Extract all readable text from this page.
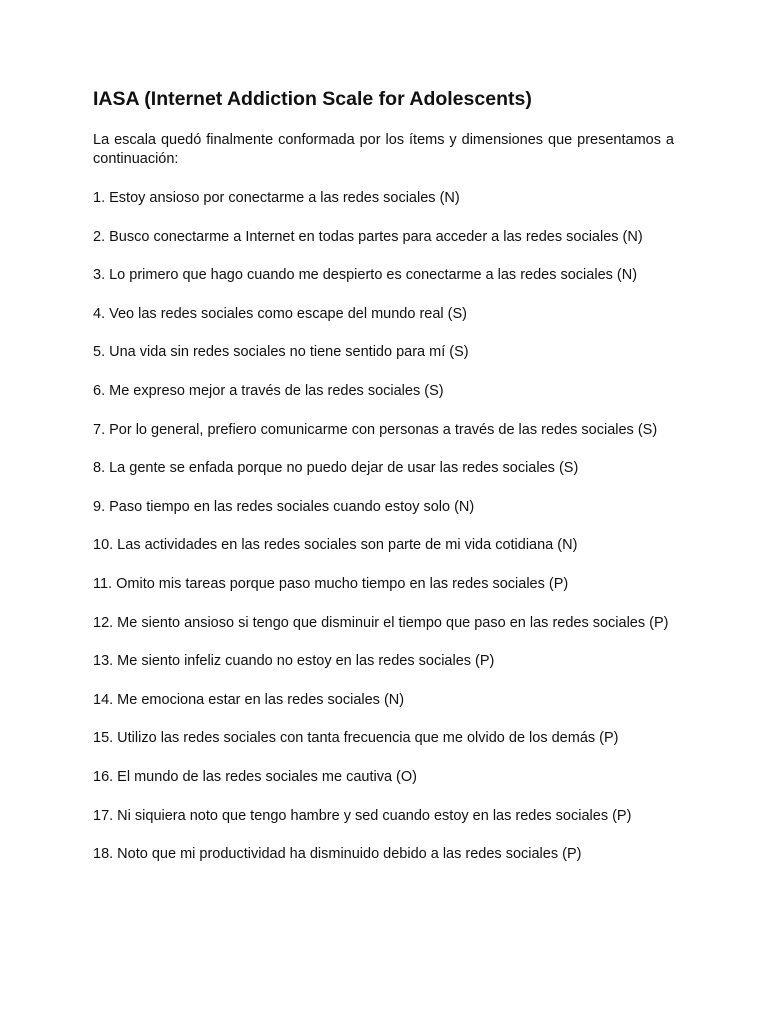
IASA (Internet Addiction Scale for Adolescents)

La escala quedó finalmente conformada por los ítems y dimensiones que presentamos a continuación:

1. Estoy ansioso por conectarme a las redes sociales (N)
2. Busco conectarme a Internet en todas partes para acceder a las redes sociales (N)
3. Lo primero que hago cuando me despierto es conectarme a las redes sociales (N)
4. Veo las redes sociales como escape del mundo real (S)
5. Una vida sin redes sociales no tiene sentido para mí (S)
6. Me expreso mejor a través de las redes sociales (S)
7. Por lo general, prefiero comunicarme con personas a través de las redes sociales (S)
8. La gente se enfada porque no puedo dejar de usar las redes sociales (S)
9. Paso tiempo en las redes sociales cuando estoy solo (N)
10. Las actividades en las redes sociales son parte de mi vida cotidiana (N)
11. Omito mis tareas porque paso mucho tiempo en las redes sociales (P)
12. Me siento ansioso si tengo que disminuir el tiempo que paso en las redes sociales (P)
13. Me siento infeliz cuando no estoy en las redes sociales (P)
14. Me emociona estar en las redes sociales (N)
15. Utilizo las redes sociales con tanta frecuencia que me olvido de los demás (P)
16. El mundo de las redes sociales me cautiva (O)
17. Ni siquiera noto que tengo hambre y sed cuando estoy en las redes sociales (P)
18. Noto que mi productividad ha disminuido debido a las redes sociales (P)
